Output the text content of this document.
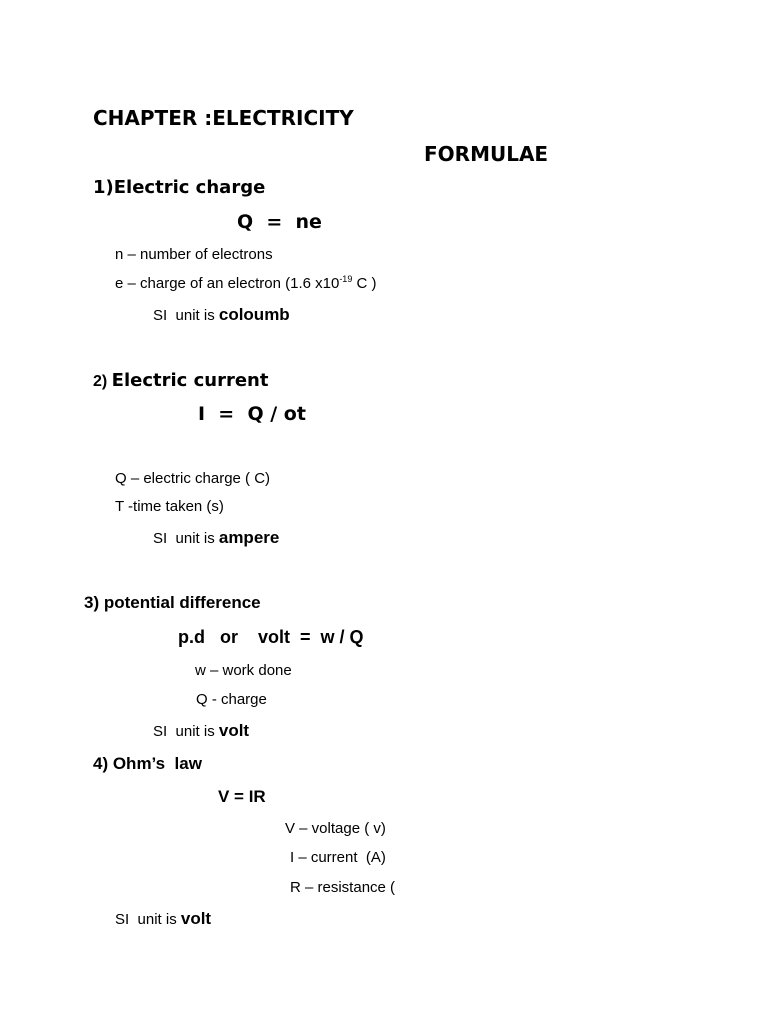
CHAPTER :ELECTRICITY
FORMULAE
1)Electric charge
Q  =  ne
n – number of electrons
e – charge of an electron (1.6 $x10^{-19}$ C )
SI  unit is coloumb
2) Electric current
I  =  Q / ot
Q – electric charge ( C)
T -time taken (s)
SI  unit is ampere
3) potential difference
p.d   or    volt  =  w / Q
w – work done
Q - charge
SI  unit is volt
4) Ohm’s  law
V = IR
V – voltage ( v)
I – current  (A)
R – resistance (
SI  unit is volt
